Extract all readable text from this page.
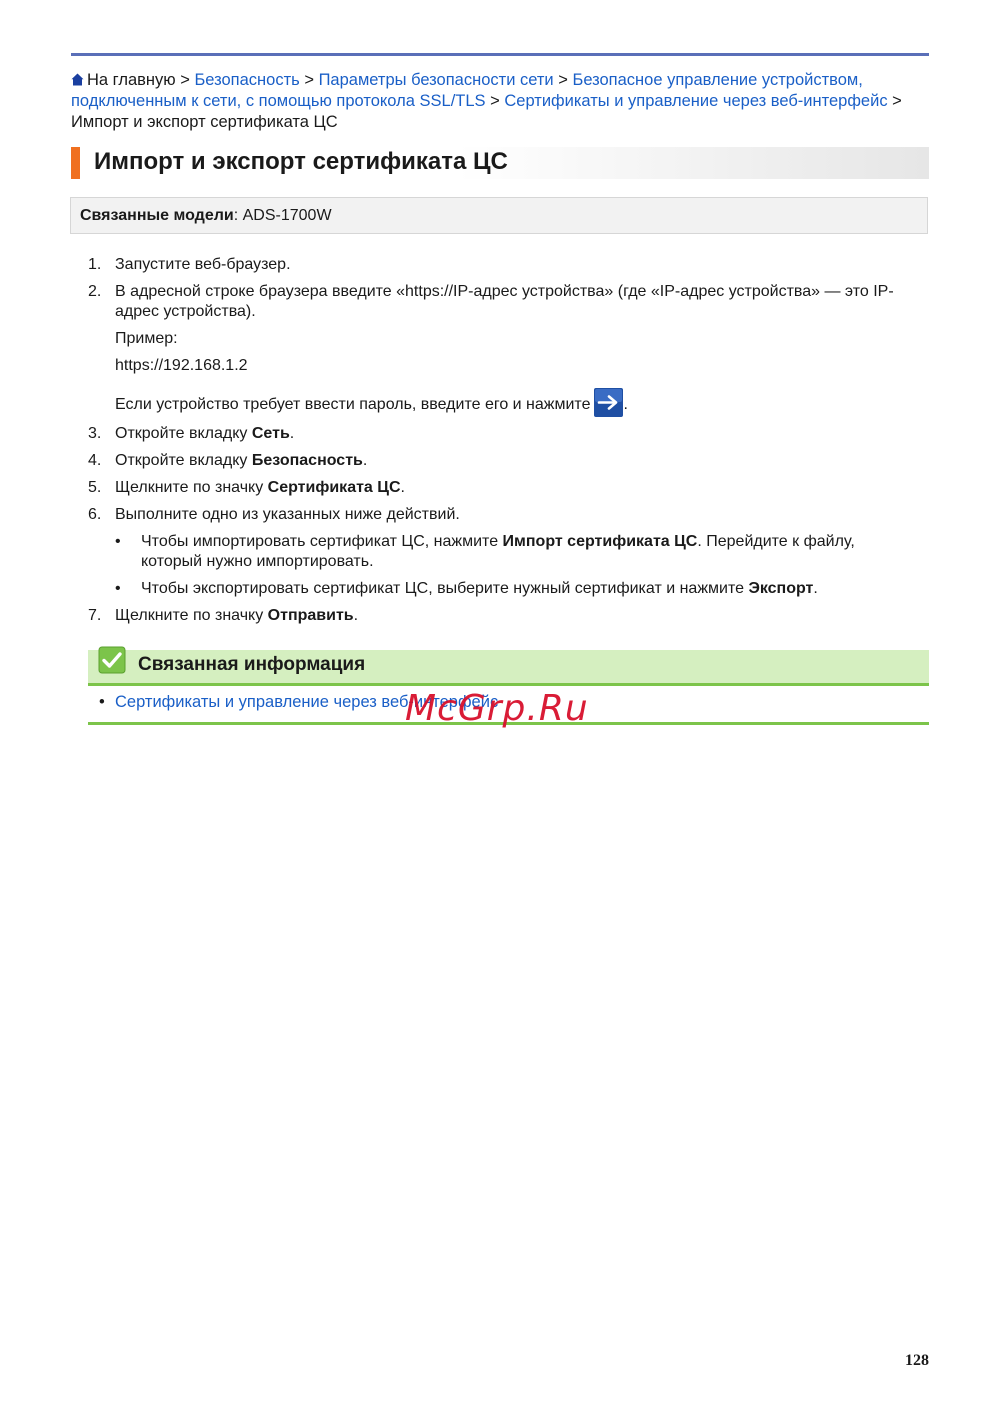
На главную > Безопасность > Параметры безопасности сети > Безопасное управление устройством, подключенным к сети, с помощью протокола SSL/TLS > Сертификаты и управление через веб-интерфейс > Импорт и экспорт сертификата ЦС
Импорт и экспорт сертификата ЦС
Связанные модели: ADS-1700W
1. Запустите веб-браузер.
2. В адресной строке браузера введите «https://IP-адрес устройства» (где «IP-адрес устройства» — это IP-адрес устройства).
Пример:
https://192.168.1.2
Если устройство требует ввести пароль, введите его и нажмите .
3. Откройте вкладку Сеть.
4. Откройте вкладку Безопасность.
5. Щелкните по значку Сертификата ЦС.
6. Выполните одно из указанных ниже действий.
• Чтобы импортировать сертификат ЦС, нажмите Импорт сертификата ЦС. Перейдите к файлу, который нужно импортировать.
• Чтобы экспортировать сертификат ЦС, выберите нужный сертификат и нажмите Экспорт.
7. Щелкните по значку Отправить.
Связанная информация
• Сертификаты и управление через веб-интерфейс
McGrp.Ru
128
